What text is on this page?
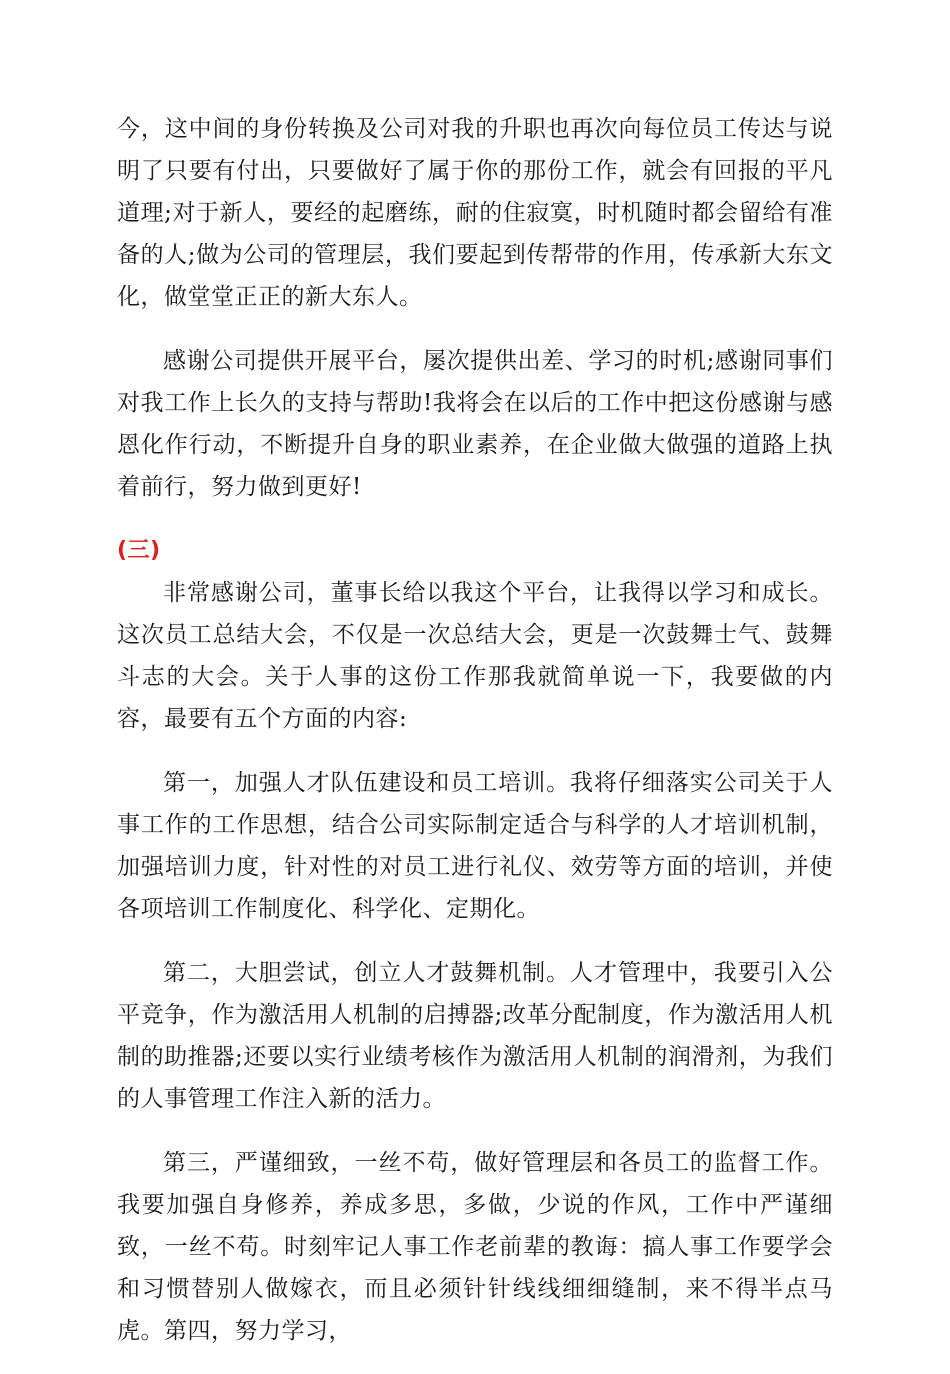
今，这中间的身份转换及公司对我的升职也再次向每位员工传达与说明了只要有付出，只要做好了属于你的那份工作，就会有回报的平凡道理;对于新人，要经的起磨练，耐的住寂寞，时机随时都会留给有准备的人;做为公司的管理层，我们要起到传帮带的作用，传承新大东文化，做堂堂正正的新大东人。

感谢公司提供开展平台，屡次提供出差、学习的时机;感谢同事们对我工作上长久的支持与帮助!我将会在以后的工作中把这份感谢与感恩化作行动，不断提升自身的职业素养，在企业做大做强的道路上执着前行，努力做到更好!

(三)

非常感谢公司，董事长给以我这个平台，让我得以学习和成长。这次员工总结大会，不仅是一次总结大会，更是一次鼓舞士气、鼓舞斗志的大会。关于人事的这份工作那我就简单说一下，我要做的内容，最要有五个方面的内容:

第一，加强人才队伍建设和员工培训。我将仔细落实公司关于人事工作的工作思想，结合公司实际制定适合与科学的人才培训机制，加强培训力度，针对性的对员工进行礼仪、效劳等方面的培训，并使各项培训工作制度化、科学化、定期化。

第二，大胆尝试，创立人才鼓舞机制。人才管理中，我要引入公平竞争，作为激活用人机制的启搏器;改革分配制度，作为激活用人机制的助推器;还要以实行业绩考核作为激活用人机制的润滑剂，为我们的人事管理工作注入新的活力。

第三，严谨细致，一丝不苟，做好管理层和各员工的监督工作。我要加强自身修养，养成多思，多做，少说的作风，工作中严谨细致，一丝不苟。时刻牢记人事工作老前辈的教诲：搞人事工作要学会和习惯替别人做嫁衣，而且必须针针线线细细缝制，来不得半点马虎。第四，努力学习，
